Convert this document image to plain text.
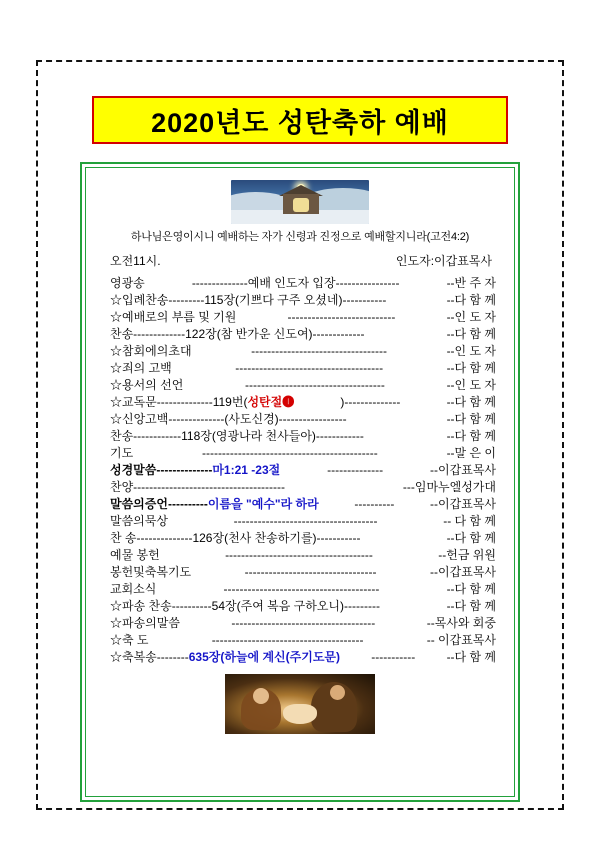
2020년도 성탄축하 예배
하나님은영이시니 예배하는 자가 신령과 진정으로 예배할지니라(고전4:2)
오전11시.	인도자:이갑표목사
영광송	--------------예배 인도자 입장----------------	--반 주 자
☆입례찬송---------115장(기쁘다 구주 오셨네)-----------	--다 함 께
☆예배로의 부름 및 기원	---------------------------	--인 도 자
찬송-------------122장(참 반가운 신도여)-------------	--다 함 께
☆참회에의초대	----------------------------------	--인 도 자
☆죄의 고백	-------------------------------------	--다 함 께
☆용서의 선언	-----------------------------------	--인 도 자
☆교독문--------------119번( 성탄절❶	)--------------	--다 함 께
☆신앙고백--------------(사도신경)-----------------	--다 함 께
찬송------------118장(영광나라 천사들아)------------	--다 함 께
기도	--------------------------------------------	--말 은 이
성경말씀-------------- 마1:21 -23절	--------------	--이갑표목사
찬양--------------------------------------	---임마누엘성가대
말씀의증언---------- 이름을 "예수"라 하라	----------	--이갑표목사
말씀의묵상	------------------------------------	-- 다 함 께
찬 송--------------126장(천사 찬송하기를)-----------	--다 함 께
예물 봉헌	-------------------------------------	--헌금 위원
봉헌및축복기도	---------------------------------	--이갑표목사
교회소식	---------------------------------------	--다 함 께
☆파송 찬송----------54장(주여 복음 구하오니)---------	--다 함 께
☆파송의말씀	------------------------------------	--목사와 회중
☆축 도	--------------------------------------	-- 이갑표목사
☆축복송-------- 635장(하늘에 계신(주기도문)	-----------	--다 함 께
